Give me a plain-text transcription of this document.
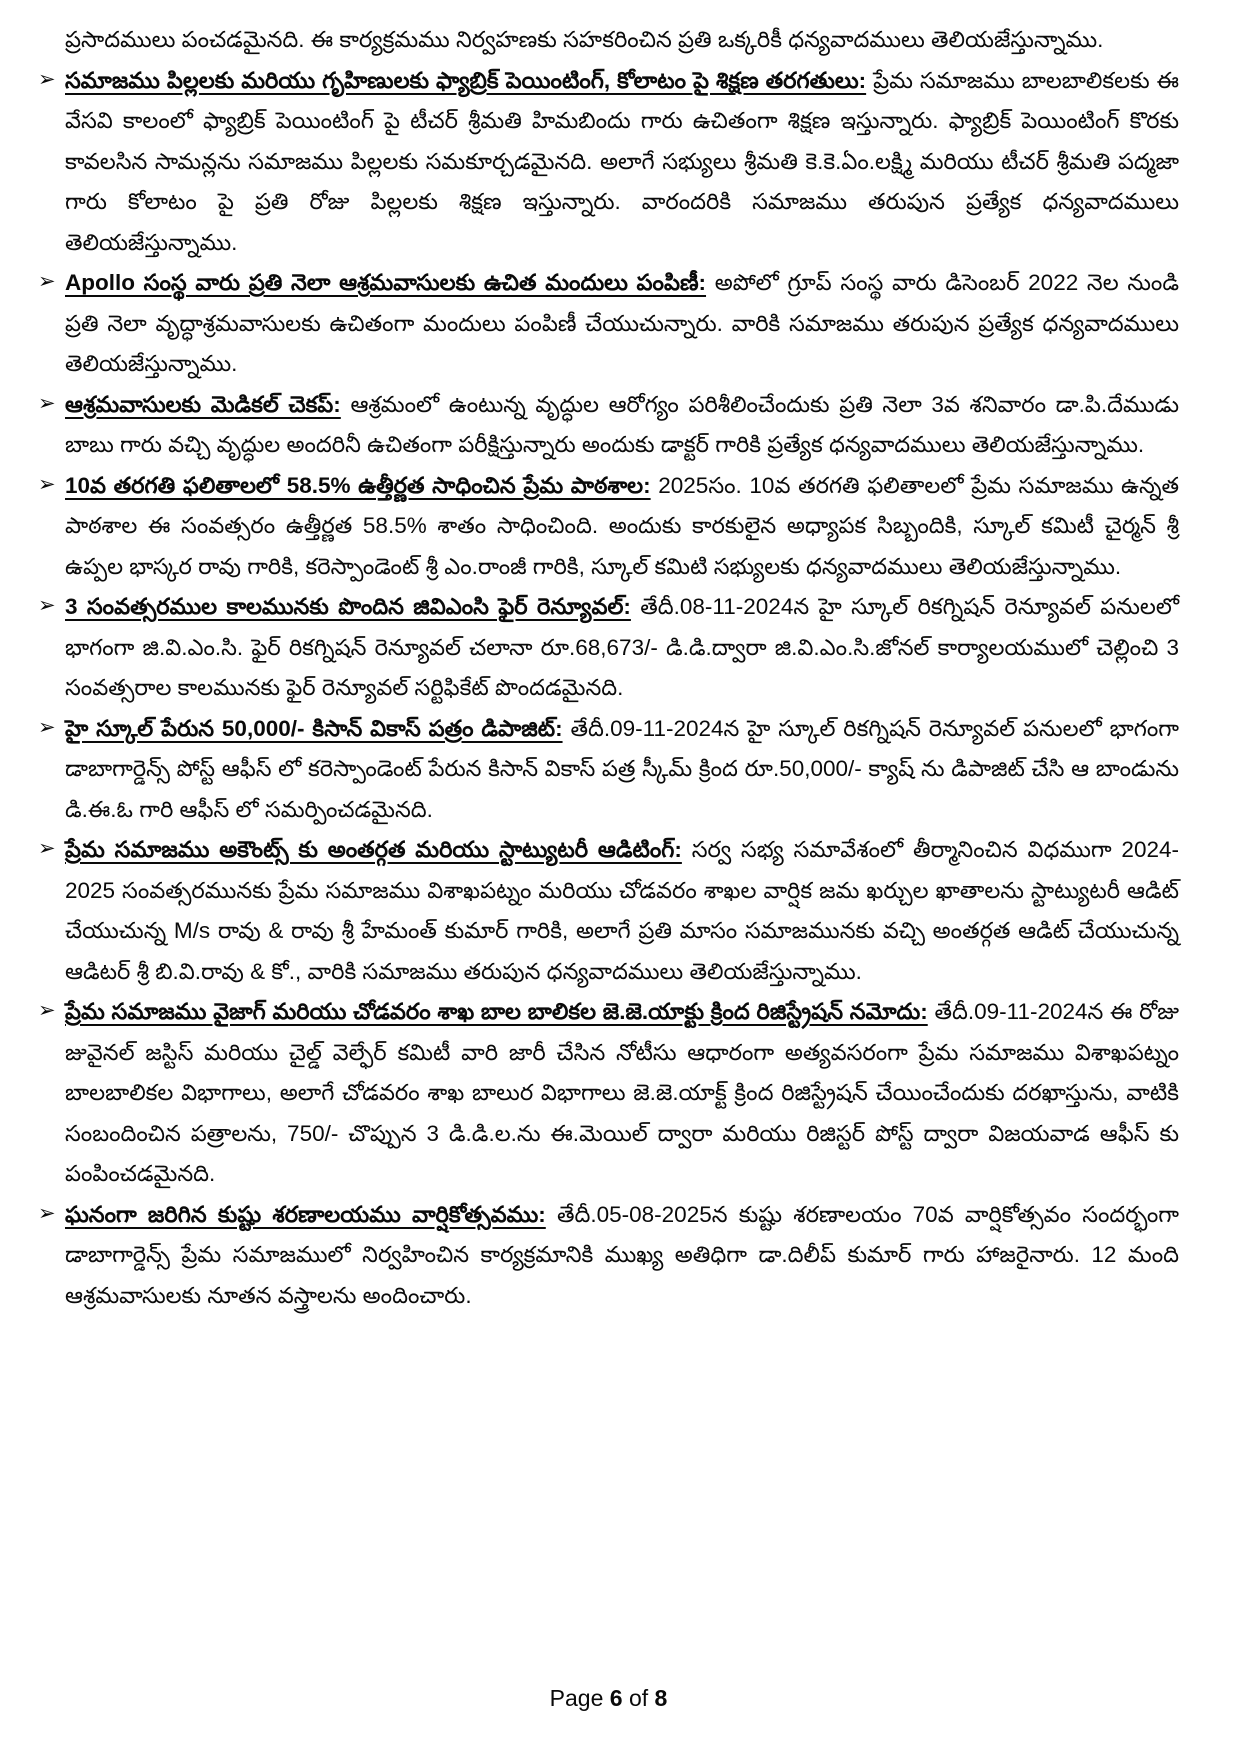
ప్రసాదములు పంచడమైనది. ఈ కార్యక్రమము నిర్వహణకు సహకరించిన ప్రతి ఒక్కరికీ ధన్యవాదములు తెలియజేస్తున్నాము.

➢ సమాజము పిల్లలకు మరియు గృహిణులకు ఫ్యాబ్రిక్ పెయింటింగ్, కోలాటం పై శిక్షణ తరగతులు: ప్రేమ సమాజము బాలబాలికలకు ఈ వేసవి కాలంలో ఫ్యాబ్రిక్ పెయింటింగ్ పై టీచర్ శ్రీమతి హిమబిందు గారు ఉచితంగా శిక్షణ ఇస్తున్నారు. ఫ్యాబ్రిక్ పెయింటింగ్ కొరకు కావలసిన సామన్లను సమాజము పిల్లలకు సమకూర్చడమైనది. అలాగే సభ్యులు శ్రీమతి కె.కె.ఏం.లక్ష్మి మరియు టీచర్ శ్రీమతి పద్మజా గారు కోలాటం పై ప్రతి రోజు పిల్లలకు శిక్షణ ఇస్తున్నారు. వారందరికి సమాజము తరుపున ప్రత్యేక ధన్యవాదములు తెలియజేస్తున్నాము.
➢ Apollo సంస్థ వారు ప్రతి నెలా ఆశ్రమవాసులకు ఉచిత మందులు పంపిణీ: అపోలో గ్రూప్ సంస్థ వారు డిసెంబర్ 2022 నెల నుండి ప్రతి నెలా వృద్ధాశ్రమవాసులకు ఉచితంగా మందులు పంపిణీ చేయుచున్నారు. వారికి సమాజము తరుపున ప్రత్యేక ధన్యవాదములు తెలియజేస్తున్నాము.
➢ ఆశ్రమవాసులకు మెడికల్ చెకప్: ఆశ్రమంలో ఉంటున్న వృద్ధుల ఆరోగ్యం పరిశీలించేందుకు ప్రతి నెలా 3వ శనివారం డా.పి.దేముడు బాబు గారు వచ్చి వృద్ధుల అందరినీ ఉచితంగా పరీక్షిస్తున్నారు అందుకు డాక్టర్ గారికి ప్రత్యేక ధన్యవాదములు తెలియజేస్తున్నాము.
➢ 10వ తరగతి ఫలితాలలో 58.5% ఉత్తీర్ణత సాధించిన ప్రేమ పాఠశాల: 2025సం. 10వ తరగతి ఫలితాలలో ప్రేమ సమాజము ఉన్నత పాఠశాల ఈ సంవత్సరం ఉత్తీర్ణత 58.5% శాతం సాధించింది. అందుకు కారకులైన అధ్యాపక సిబ్బందికి, స్కూల్ కమిటీ చైర్మన్ శ్రీ ఉప్పల భాస్కర రావు గారికి, కరెస్పాండెంట్ శ్రీ ఎం.రాంజీ గారికి, స్కూల్ కమిటి సభ్యులకు ధన్యవాదములు తెలియజేస్తున్నాము.
➢ 3 సంవత్సరముల కాలమునకు పొందిన జివిఎంసి ఫైర్ రెన్యూవల్: తేదీ.08-11-2024న హై స్కూల్ రికగ్నిషన్ రెన్యూవల్ పనులలో భాగంగా జి.వి.ఎం.సి. ఫైర్ రికగ్నిషన్ రెన్యూవల్ చలానా రూ.68,673/- డి.డి.ద్వారా జి.వి.ఎం.సి.జోనల్ కార్యాలయములో చెల్లించి 3 సంవత్సరాల కాలమునకు ఫైర్ రెన్యూవల్ సర్టిఫికేట్ పొందడమైనది.
➢ హై స్కూల్ పేరున 50,000/- కిసాన్ వికాస్ పత్రం డిపాజిట్: తేదీ.09-11-2024న హై స్కూల్ రికగ్నిషన్ రెన్యూవల్ పనులలో భాగంగా డాబాగార్డెన్స్ పోస్ట్ ఆఫీస్ లో కరెస్పాండెంట్ పేరున కిసాన్ వికాస్ పత్ర స్కీమ్ క్రింద రూ.50,000/- క్యాష్ ను డిపాజిట్ చేసి ఆ బాండును డి.ఈ.ఓ గారి ఆఫీస్ లో సమర్పించడమైనది.
➢ ప్రేమ సమాజము అకౌంట్స్ కు అంతర్గత మరియు స్టాట్యుటరీ ఆడిటింగ్: సర్వ సభ్య సమావేశంలో తీర్మానించిన విధముగా 2024-2025 సంవత్సరమునకు ప్రేమ సమాజము విశాఖపట్నం మరియు చోడవరం శాఖల వార్షిక జమ ఖర్చుల ఖాతాలను స్టాట్యుటరీ ఆడిట్ చేయుచున్న M/s రావు & రావు శ్రీ హేమంత్ కుమార్ గారికి, అలాగే ప్రతి మాసం సమాజమునకు వచ్చి అంతర్గత ఆడిట్ చేయుచున్న ఆడిటర్ శ్రీ బి.వి.రావు & కో., వారికి సమాజము తరుపున ధన్యవాదములు తెలియజేస్తున్నాము.
➢ ప్రేమ సమాజము వైజాగ్ మరియు చోడవరం శాఖ బాల బాలికల జె.జె.యాక్టు క్రింద రిజిస్ట్రేషన్ నమోదు: తేదీ.09-11-2024న ఈ రోజు జువైనల్ జస్టిస్ మరియు చైల్డ్ వెల్ఫేర్ కమిటీ వారి జారీ చేసిన నోటీసు ఆధారంగా అత్యవసరంగా ప్రేమ సమాజము విశాఖపట్నం బాలబాలికల విభాగాలు, అలాగే చోడవరం శాఖ బాలుర విభాగాలు జె.జె.యాక్ట్ క్రింద రిజిస్ట్రేషన్ చేయించేందుకు దరఖాస్తును, వాటికి సంబందించిన పత్రాలను, 750/- చొప్పున 3 డి.డి.ల.ను ఈ.మెయిల్ ద్వారా మరియు రిజిస్టర్ పోస్ట్ ద్వారా విజయవాడ ఆఫీస్ కు పంపించడమైనది.
➢ ఘనంగా జరిగిన కుష్టు శరణాలయము వార్షికోత్సవము: తేదీ.05-08-2025న కుష్టు శరణాలయం 70వ వార్షికోత్సవం సందర్భంగా డాబాగార్డెన్స్ ప్రేమ సమాజములో నిర్వహించిన కార్యక్రమానికి ముఖ్య అతిధిగా డా.దిలీప్ కుమార్ గారు హాజరైనారు. 12 మంది ఆశ్రమవాసులకు నూతన వస్త్రాలను అందించారు.
Page 6 of 8
